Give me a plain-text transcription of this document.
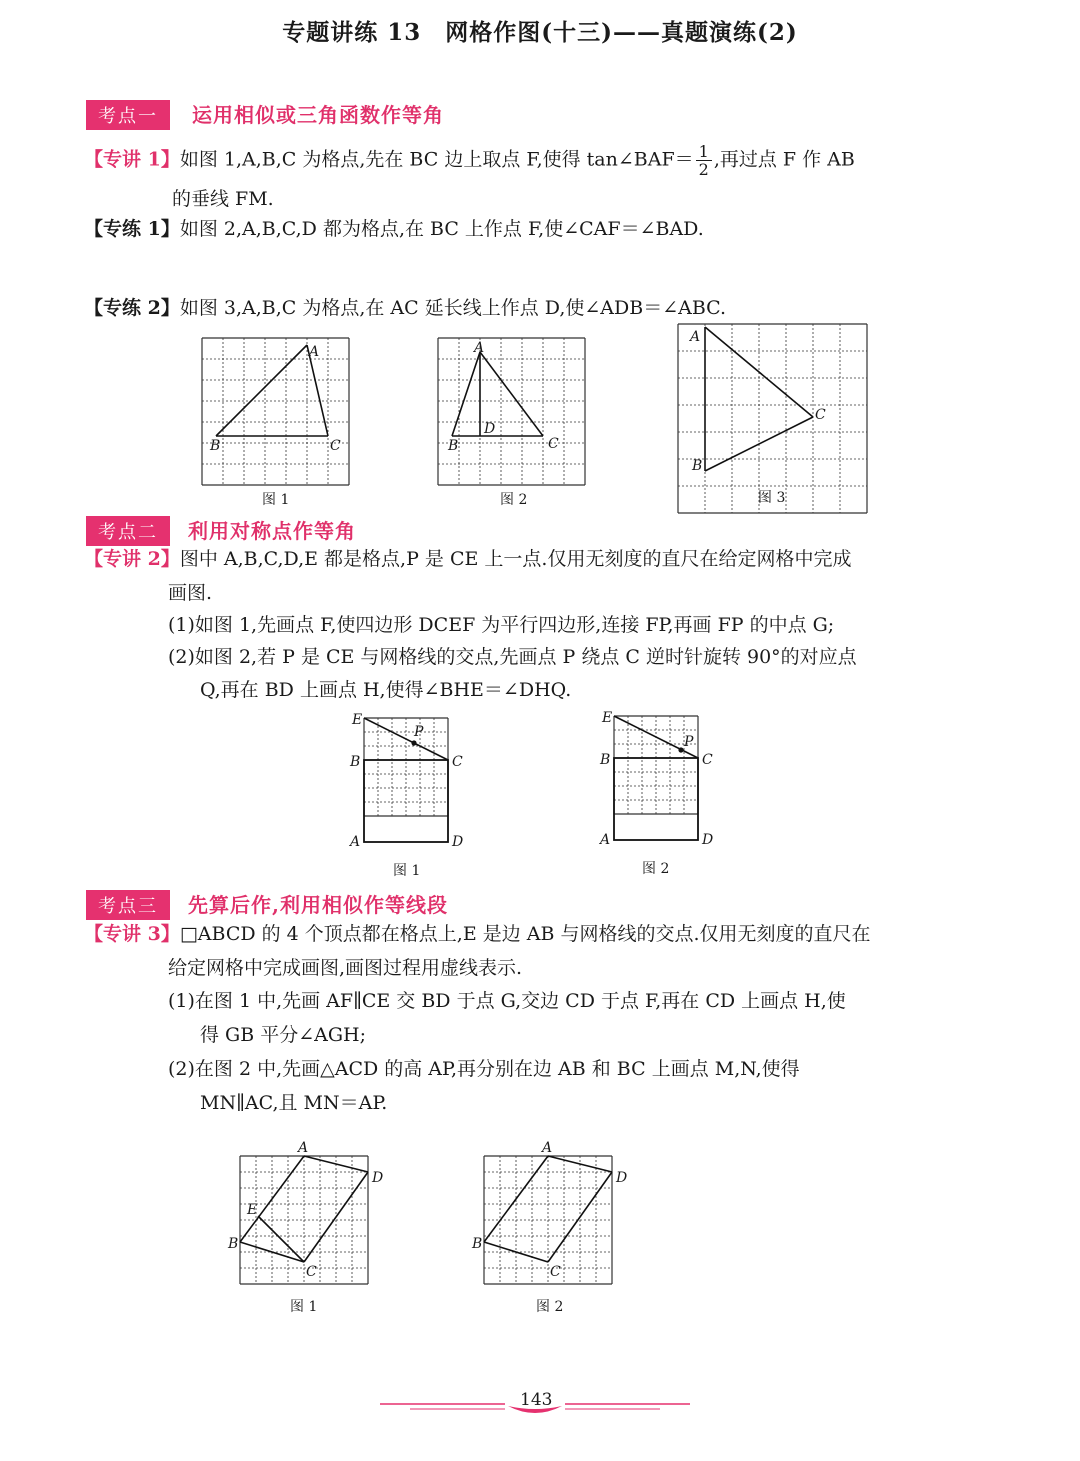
专题讲练 13　网格作图(十三)——真题演练(2)
考点一	运用相似或三角函数作等角
【专讲 1】如图 1,A,B,C 为格点,先在 BC 边上取点 F,使得 tan∠BAF＝ $\frac{1}{2}$ ,再过点 F 作 AB
的垂线 FM.
【专练 1】如图 2,A,B,C,D 都为格点,在 BC 上作点 F,使∠CAF＝∠BAD.
【专练 2】如图 3,A,B,C 为格点,在 AC 延长线上作点 D,使∠ADB＝∠ABC.
A
B	C
图 1
A
B	C
D
图 2
A
B
C
图 3
考点二	利用对称点作等角
【专讲 2】图中 A,B,C,D,E 都是格点,P 是 CE 上一点.仅用无刻度的直尺在给定网格中完成
画图.
(1)如图 1,先画点 F,使四边形 DCEF 为平行四边形,连接 FP,再画 FP 的中点 G;
(2)如图 2,若 P 是 CE 与网格线的交点,先画点 P 绕点 C 逆时针旋转 90°的对应点
Q,再在 BD 上画点 H,使得∠BHE＝∠DHQ.
E
P
B	C
A	D
图 1
E
P
B	C
A	D
图 2
考点三	先算后作,利用相似作等线段
【专讲 3】□ABCD 的 4 个顶点都在格点上,E 是边 AB 与网格线的交点.仅用无刻度的直尺在
给定网格中完成画图,画图过程用虚线表示.
(1)在图 1 中,先画 AF∥CE 交 BD 于点 G,交边 CD 于点 F,再在 CD 上画点 H,使
得 GB 平分∠AGH;
(2)在图 2 中,先画△ACD 的高 AP,再分别在边 AB 和 BC 上画点 M,N,使得
MN∥AC,且 MN＝AP.
A
D
E
B
C
图 1
A
D
B
C
图 2
143
